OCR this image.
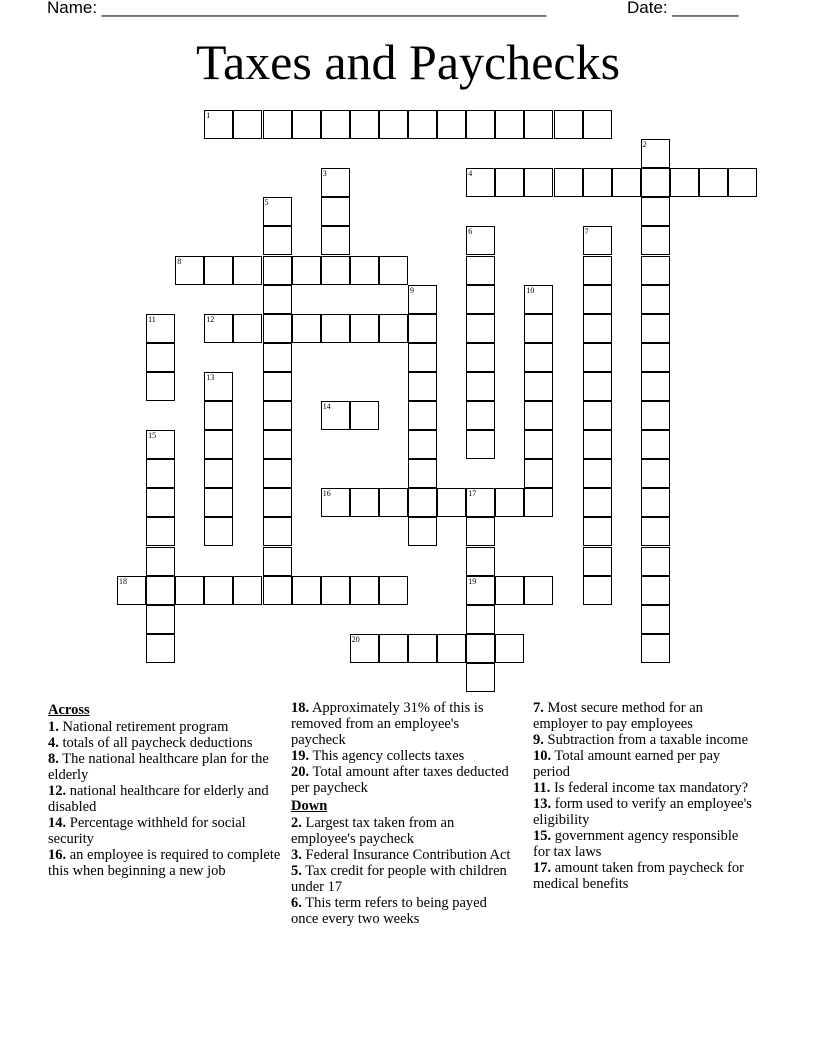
Name: _______________________________________________	Date: _______
Taxes and Paychecks
1
4
8
12
14
16	17
18	19
20
2
3
5
6	7
9	10
11
13
15
Across
1. National retirement program
4. totals of all paycheck deductions
8. The national healthcare plan for the elderly
12. national healthcare for elderly and disabled
14. Percentage withheld for social security
16. an employee is required to complete this when beginning a new job
18. Approximately 31% of this is removed from an employee's paycheck
19. This agency collects taxes
20. Total amount after taxes deducted per paycheck
Down
2. Largest tax taken from an employee's paycheck
3. Federal Insurance Contribution Act
5. Tax credit for people with children under 17
6. This term refers to being payed once every two weeks
7. Most secure method for an employer to pay employees
9. Subtraction from a taxable income
10. Total amount earned per pay period
11. Is federal income tax mandatory?
13. form used to verify an employee's eligibility
15. government agency responsible for tax laws
17. amount taken from paycheck for medical benefits
